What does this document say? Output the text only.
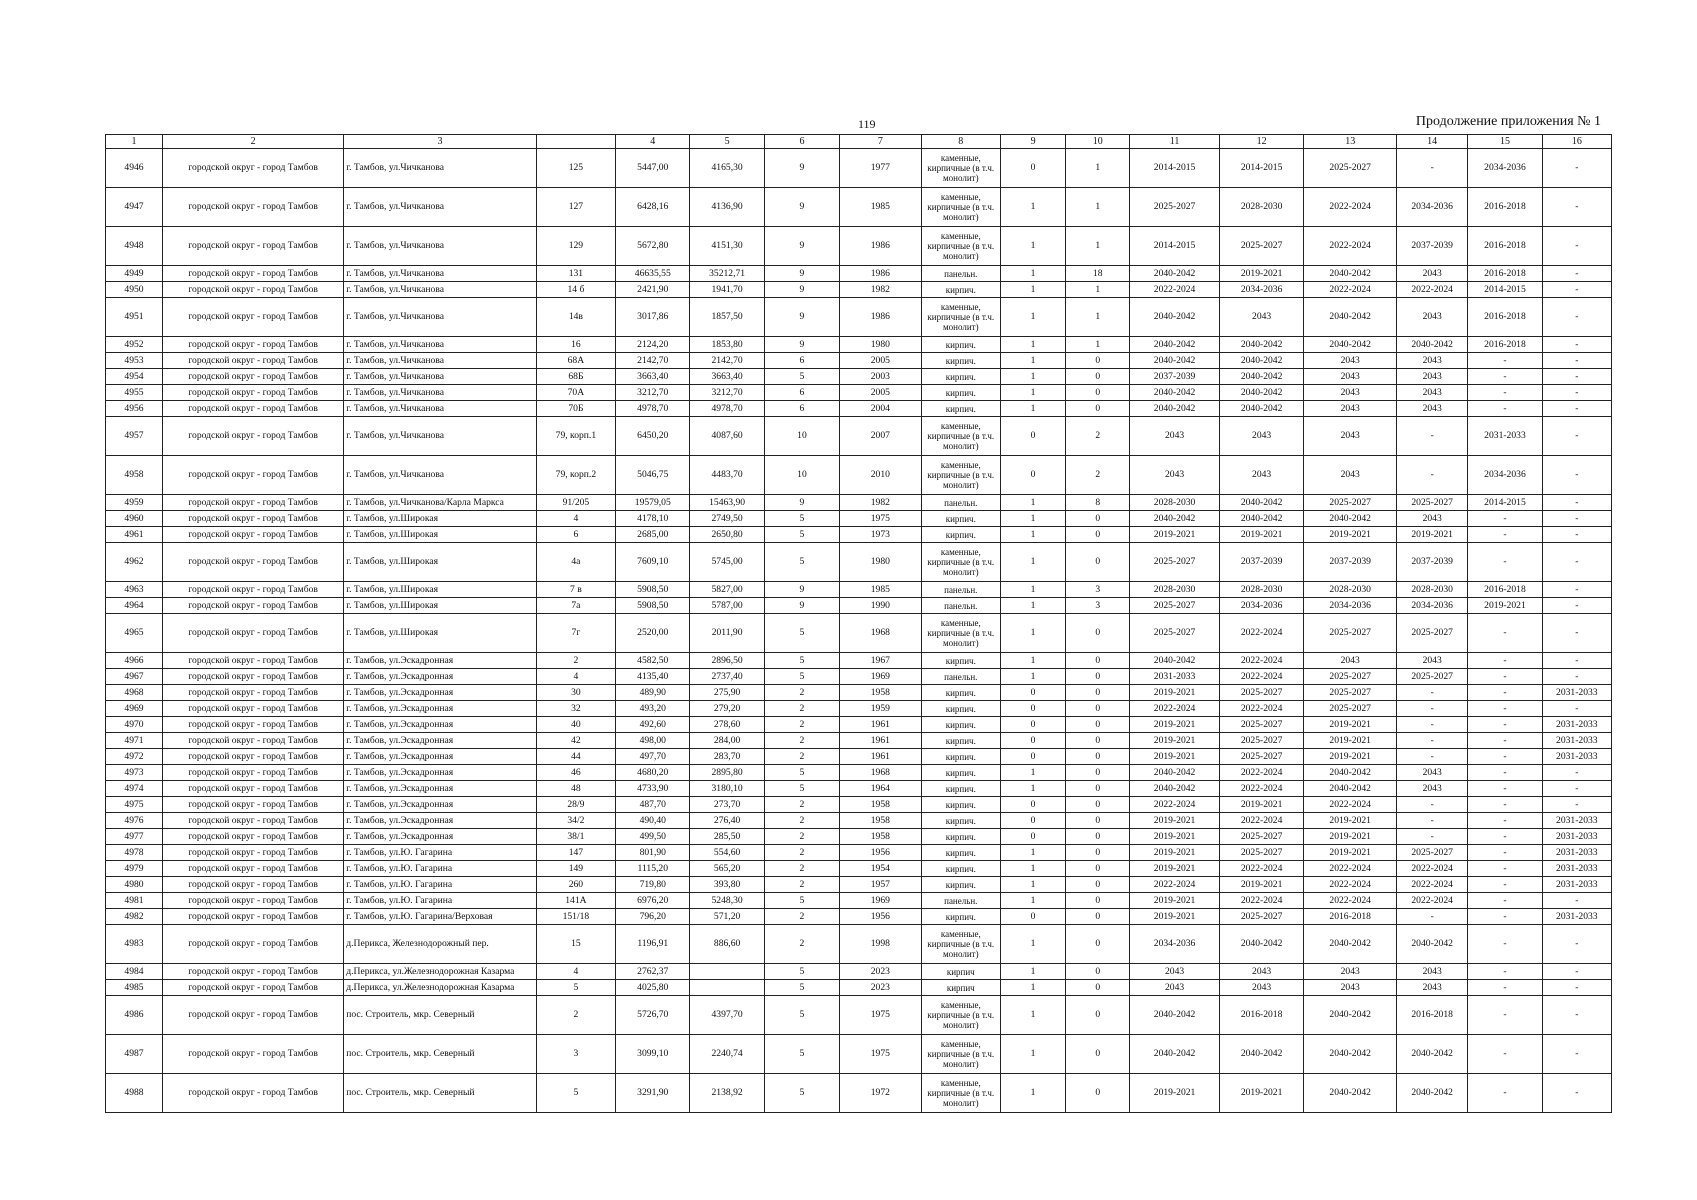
119	Продолжение приложения № 1
1	2	3		4	5	6	7	8	9	10	11	12	13	14	15	16
4946	городской округ - город Тамбов	г. Тамбов, ул.Чичканова	125	5447,00	4165,30	9	1977	каменные, кирпичные (в т.ч. монолит)	0	1	2014-2015	2014-2015	2025-2027	-	2034-2036	-
4947	городской округ - город Тамбов	г. Тамбов, ул.Чичканова	127	6428,16	4136,90	9	1985	каменные, кирпичные (в т.ч. монолит)	1	1	2025-2027	2028-2030	2022-2024	2034-2036	2016-2018	-
4948	городской округ - город Тамбов	г. Тамбов, ул.Чичканова	129	5672,80	4151,30	9	1986	каменные, кирпичные (в т.ч. монолит)	1	1	2014-2015	2025-2027	2022-2024	2037-2039	2016-2018	-
4949	городской округ - город Тамбов	г. Тамбов, ул.Чичканова	131	46635,55	35212,71	9	1986	панельн.	1	18	2040-2042	2019-2021	2040-2042	2043	2016-2018	-
4950	городской округ - город Тамбов	г. Тамбов, ул.Чичканова	14 б	2421,90	1941,70	9	1982	кирпич.	1	1	2022-2024	2034-2036	2022-2024	2022-2024	2014-2015	-
4951	городской округ - город Тамбов	г. Тамбов, ул.Чичканова	14в	3017,86	1857,50	9	1986	каменные, кирпичные (в т.ч. монолит)	1	1	2040-2042	2043	2040-2042	2043	2016-2018	-
4952	городской округ - город Тамбов	г. Тамбов, ул.Чичканова	16	2124,20	1853,80	9	1980	кирпич.	1	1	2040-2042	2040-2042	2040-2042	2040-2042	2016-2018	-
4953	городской округ - город Тамбов	г. Тамбов, ул.Чичканова	68А	2142,70	2142,70	6	2005	кирпич.	1	0	2040-2042	2040-2042	2043	2043	-	-
4954	городской округ - город Тамбов	г. Тамбов, ул.Чичканова	68Б	3663,40	3663,40	5	2003	кирпич.	1	0	2037-2039	2040-2042	2043	2043	-	-
4955	городской округ - город Тамбов	г. Тамбов, ул.Чичканова	70А	3212,70	3212,70	6	2005	кирпич.	1	0	2040-2042	2040-2042	2043	2043	-	-
4956	городской округ - город Тамбов	г. Тамбов, ул.Чичканова	70Б	4978,70	4978,70	6	2004	кирпич.	1	0	2040-2042	2040-2042	2043	2043	-	-
4957	городской округ - город Тамбов	г. Тамбов, ул.Чичканова	79, корп.1	6450,20	4087,60	10	2007	каменные, кирпичные (в т.ч. монолит)	0	2	2043	2043	2043	-	2031-2033	-
4958	городской округ - город Тамбов	г. Тамбов, ул.Чичканова	79, корп.2	5046,75	4483,70	10	2010	каменные, кирпичные (в т.ч. монолит)	0	2	2043	2043	2043	-	2034-2036	-
4959	городской округ - город Тамбов	г. Тамбов, ул.Чичканова/Карла Маркса	91/205	19579,05	15463,90	9	1982	панельн.	1	8	2028-2030	2040-2042	2025-2027	2025-2027	2014-2015	-
4960	городской округ - город Тамбов	г. Тамбов, ул.Широкая	4	4178,10	2749,50	5	1975	кирпич.	1	0	2040-2042	2040-2042	2040-2042	2043	-	-
4961	городской округ - город Тамбов	г. Тамбов, ул.Широкая	6	2685,00	2650,80	5	1973	кирпич.	1	0	2019-2021	2019-2021	2019-2021	2019-2021	-	-
4962	городской округ - город Тамбов	г. Тамбов, ул.Широкая	4а	7609,10	5745,00	5	1980	каменные, кирпичные (в т.ч. монолит)	1	0	2025-2027	2037-2039	2037-2039	2037-2039	-	-
4963	городской округ - город Тамбов	г. Тамбов, ул.Широкая	7 в	5908,50	5827,00	9	1985	панельн.	1	3	2028-2030	2028-2030	2028-2030	2028-2030	2016-2018	-
4964	городской округ - город Тамбов	г. Тамбов, ул.Широкая	7а	5908,50	5787,00	9	1990	панельн.	1	3	2025-2027	2034-2036	2034-2036	2034-2036	2019-2021	-
4965	городской округ - город Тамбов	г. Тамбов, ул.Широкая	7г	2520,00	2011,90	5	1968	каменные, кирпичные (в т.ч. монолит)	1	0	2025-2027	2022-2024	2025-2027	2025-2027	-	-
4966	городской округ - город Тамбов	г. Тамбов, ул.Эскадронная	2	4582,50	2896,50	5	1967	кирпич.	1	0	2040-2042	2022-2024	2043	2043	-	-
4967	городской округ - город Тамбов	г. Тамбов, ул.Эскадронная	4	4135,40	2737,40	5	1969	панельн.	1	0	2031-2033	2022-2024	2025-2027	2025-2027	-	-
4968	городской округ - город Тамбов	г. Тамбов, ул.Эскадронная	30	489,90	275,90	2	1958	кирпич.	0	0	2019-2021	2025-2027	2025-2027	-	-	2031-2033
4969	городской округ - город Тамбов	г. Тамбов, ул.Эскадронная	32	493,20	279,20	2	1959	кирпич.	0	0	2022-2024	2022-2024	2025-2027	-	-	-
4970	городской округ - город Тамбов	г. Тамбов, ул.Эскадронная	40	492,60	278,60	2	1961	кирпич.	0	0	2019-2021	2025-2027	2019-2021	-	-	2031-2033
4971	городской округ - город Тамбов	г. Тамбов, ул.Эскадронная	42	498,00	284,00	2	1961	кирпич.	0	0	2019-2021	2025-2027	2019-2021	-	-	2031-2033
4972	городской округ - город Тамбов	г. Тамбов, ул.Эскадронная	44	497,70	283,70	2	1961	кирпич.	0	0	2019-2021	2025-2027	2019-2021	-	-	2031-2033
4973	городской округ - город Тамбов	г. Тамбов, ул.Эскадронная	46	4680,20	2895,80	5	1968	кирпич.	1	0	2040-2042	2022-2024	2040-2042	2043	-	-
4974	городской округ - город Тамбов	г. Тамбов, ул.Эскадронная	48	4733,90	3180,10	5	1964	кирпич.	1	0	2040-2042	2022-2024	2040-2042	2043	-	-
4975	городской округ - город Тамбов	г. Тамбов, ул.Эскадронная	28/9	487,70	273,70	2	1958	кирпич.	0	0	2022-2024	2019-2021	2022-2024	-	-	-
4976	городской округ - город Тамбов	г. Тамбов, ул.Эскадронная	34/2	490,40	276,40	2	1958	кирпич.	0	0	2019-2021	2022-2024	2019-2021	-	-	2031-2033
4977	городской округ - город Тамбов	г. Тамбов, ул.Эскадронная	38/1	499,50	285,50	2	1958	кирпич.	0	0	2019-2021	2025-2027	2019-2021	-	-	2031-2033
4978	городской округ - город Тамбов	г. Тамбов, ул.Ю. Гагарина	147	801,90	554,60	2	1956	кирпич.	1	0	2019-2021	2025-2027	2019-2021	2025-2027	-	2031-2033
4979	городской округ - город Тамбов	г. Тамбов, ул.Ю. Гагарина	149	1115,20	565,20	2	1954	кирпич.	1	0	2019-2021	2022-2024	2022-2024	2022-2024	-	2031-2033
4980	городской округ - город Тамбов	г. Тамбов, ул.Ю. Гагарина	260	719,80	393,80	2	1957	кирпич.	1	0	2022-2024	2019-2021	2022-2024	2022-2024	-	2031-2033
4981	городской округ - город Тамбов	г. Тамбов, ул.Ю. Гагарина	141А	6976,20	5248,30	5	1969	панельн.	1	0	2019-2021	2022-2024	2022-2024	2022-2024	-	-
4982	городской округ - город Тамбов	г. Тамбов, ул.Ю. Гагарина/Верховая	151/18	796,20	571,20	2	1956	кирпич.	0	0	2019-2021	2025-2027	2016-2018	-	-	2031-2033
4983	городской округ - город Тамбов	д.Перикса, Железнодорожный пер.	15	1196,91	886,60	2	1998	каменные, кирпичные (в т.ч. монолит)	1	0	2034-2036	2040-2042	2040-2042	2040-2042	-	-
4984	городской округ - город Тамбов	д.Перикса, ул.Железнодорожная Казарма	4	2762,37		5	2023	кирпич	1	0	2043	2043	2043	2043	-	-
4985	городской округ - город Тамбов	д.Перикса, ул.Железнодорожная Казарма	5	4025,80		5	2023	кирпич	1	0	2043	2043	2043	2043	-	-
4986	городской округ - город Тамбов	пос. Строитель, мкр. Северный	2	5726,70	4397,70	5	1975	каменные, кирпичные (в т.ч. монолит)	1	0	2040-2042	2016-2018	2040-2042	2016-2018	-	-
4987	городской округ - город Тамбов	пос. Строитель, мкр. Северный	3	3099,10	2240,74	5	1975	каменные, кирпичные (в т.ч. монолит)	1	0	2040-2042	2040-2042	2040-2042	2040-2042	-	-
4988	городской округ - город Тамбов	пос. Строитель, мкр. Северный	5	3291,90	2138,92	5	1972	каменные, кирпичные (в т.ч. монолит)	1	0	2019-2021	2019-2021	2040-2042	2040-2042	-	-
